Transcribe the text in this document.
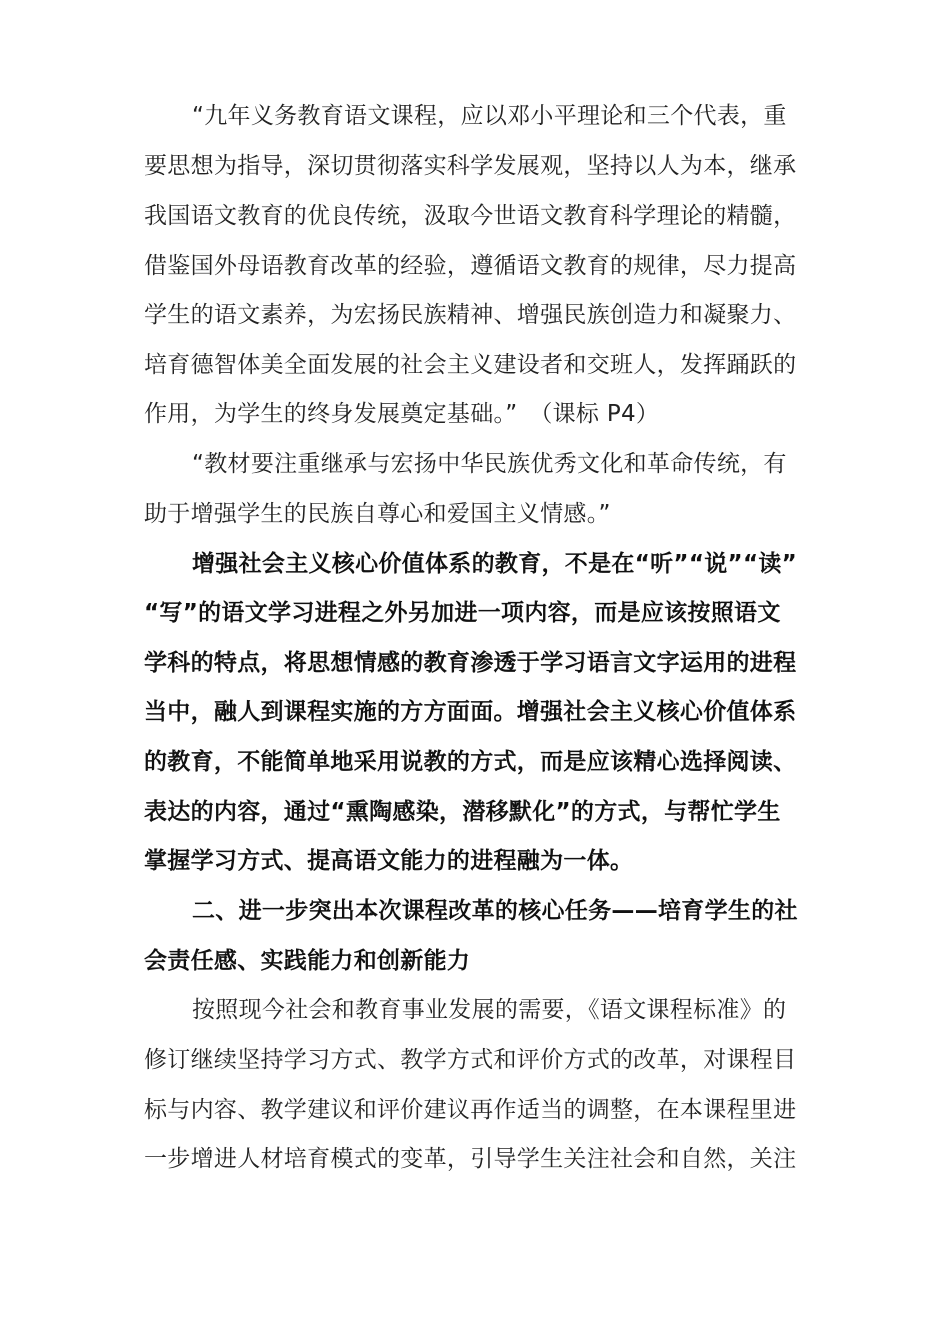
“九年义务教育语文课程，应以邓小平理论和三个代表，重
要思想为指导，深切贯彻落实科学发展观，坚持以人为本，继承
我国语文教育的优良传统，汲取今世语文教育科学理论的精髓，
借鉴国外母语教育改革的经验，遵循语文教育的规律，尽力提高
学生的语文素养，为宏扬民族精神、增强民族创造力和凝聚力、
培育德智体美全面发展的社会主义建设者和交班人，发挥踊跃的
作用，为学生的终身发展奠定基础。”　（课标 P4）
“教材要注重继承与宏扬中华民族优秀文化和革命传统，有
助于增强学生的民族自尊心和爱国主义情感。”
增强社会主义核心价值体系的教育，不是在“听”“说”“读”
“写”的语文学习进程之外另加进一项内容，而是应该按照语文
学科的特点，将思想情感的教育渗透于学习语言文字运用的进程
当中，融人到课程实施的方方面面。增强社会主义核心价值体系
的教育，不能简单地采用说教的方式，而是应该精心选择阅读、
表达的内容，通过“熏陶感染，潜移默化”的方式，与帮忙学生
掌握学习方式、提高语文能力的进程融为一体。
二、进一步突出本次课程改革的核心任务——培育学生的社
会责任感、实践能力和创新能力
按照现今社会和教育事业发展的需要，《语文课程标准》的
修订继续坚持学习方式、教学方式和评价方式的改革，对课程目
标与内容、教学建议和评价建议再作适当的调整，在本课程里进
一步增进人材培育模式的变革，引导学生关注社会和自然，关注
